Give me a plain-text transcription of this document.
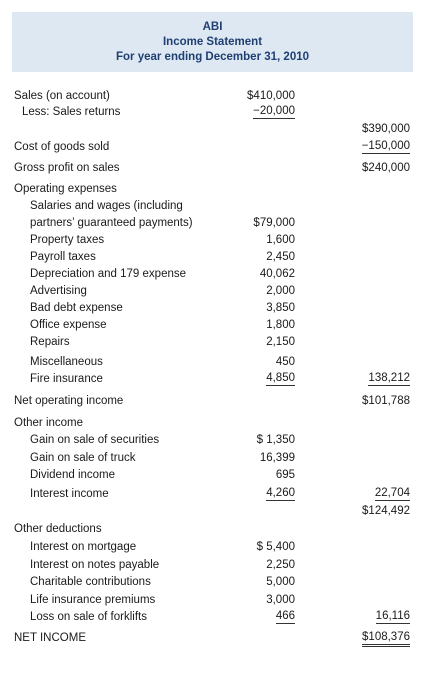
ABI
Income Statement
For year ending December 31, 2010
Sales (on account)	$410,000
Less: Sales returns	−20,000
$390,000
Cost of goods sold	−150,000
Gross profit on sales	$240,000
Operating expenses
Salaries and wages (including
partners’ guaranteed payments)	$79,000
Property taxes	1,600
Payroll taxes	2,450
Depreciation and 179 expense	40,062
Advertising	2,000
Bad debt expense	3,850
Office expense	1,800
Repairs	2,150
Miscellaneous	450
Fire insurance	4,850	138,212
Net operating income	$101,788
Other income
Gain on sale of securities	$ 1,350
Gain on sale of truck	16,399
Dividend income	695
Interest income	4,260	22,704
$124,492
Other deductions
Interest on mortgage	$ 5,400
Interest on notes payable	2,250
Charitable contributions	5,000
Life insurance premiums	3,000
Loss on sale of forklifts	466	16,116
NET INCOME	$108,376
